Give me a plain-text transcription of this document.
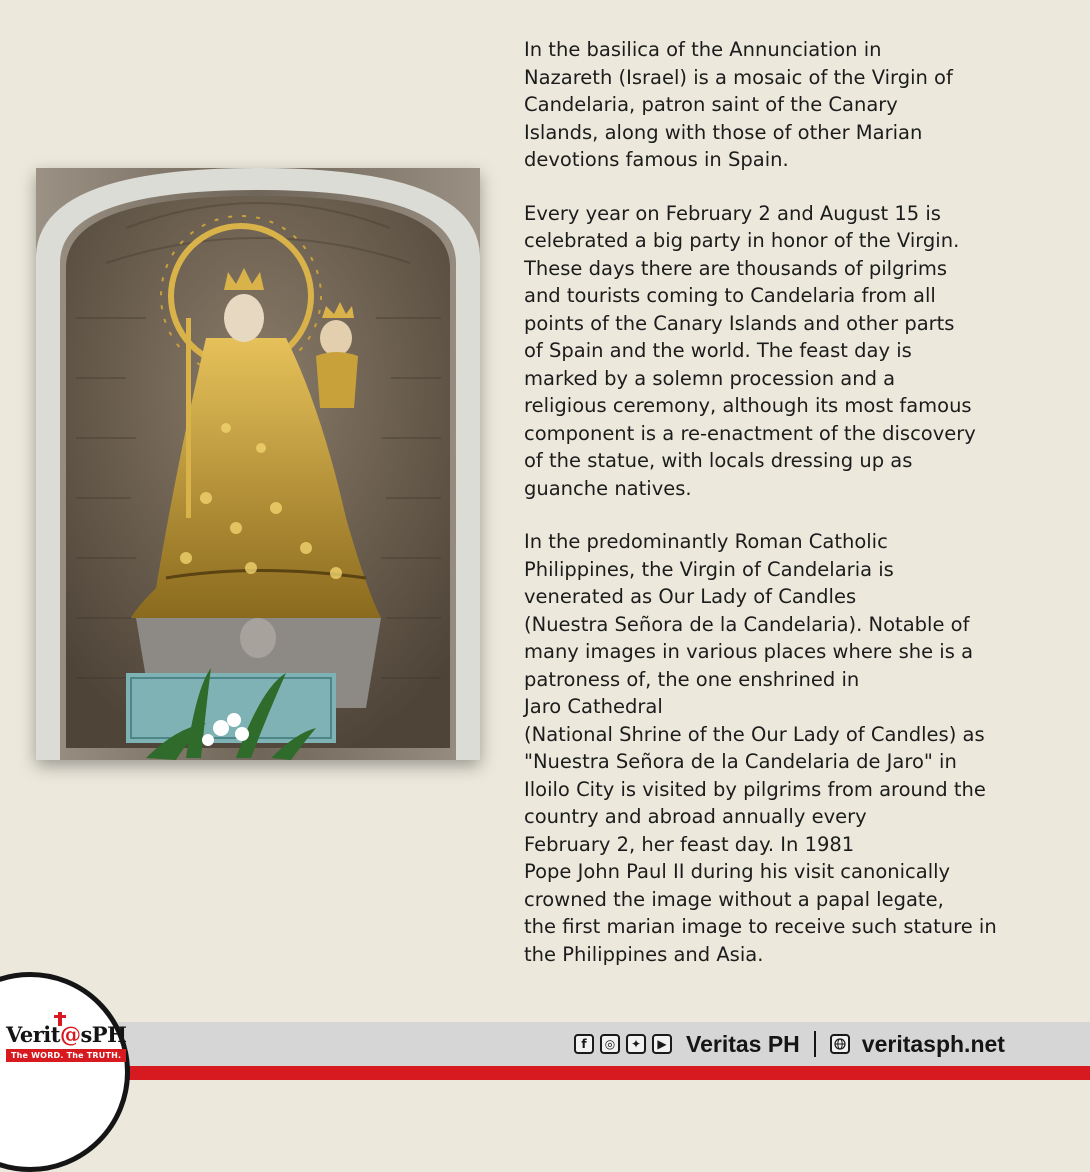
In the basilica of the Annunciation in
Nazareth (Israel) is a mosaic of the Virgin of
Candelaria, patron saint of the Canary
Islands, along with those of other Marian
devotions famous in Spain.

Every year on February 2 and August 15 is
celebrated a big party in honor of the Virgin.
These days there are thousands of pilgrims
and tourists coming to Candelaria from all
points of the Canary Islands and other parts
of Spain and the world. The feast day is
marked by a solemn procession and a
religious ceremony, although its most famous
component is a re-enactment of the discovery
of the statue, with locals dressing up as
guanche natives.

In the predominantly Roman Catholic
Philippines, the Virgin of Candelaria is
venerated as Our Lady of Candles
(Nuestra Señora de la Candelaria). Notable of
many images in various places where she is a
patroness of, the one enshrined in
Jaro Cathedral
(National Shrine of the Our Lady of Candles) as
"Nuestra Señora de la Candelaria de Jaro" in
Iloilo City is visited by pilgrims from around the
country and abroad annually every
February 2, her feast day. In 1981
Pope John Paul II during his visit canonically
crowned the image without a papal legate,
the first marian image to receive such stature in
the Philippines and Asia.

Verit@sPH
The WORD. The TRUTH.
f	◎	✦	▶ Veritas PH	veritasph.net
